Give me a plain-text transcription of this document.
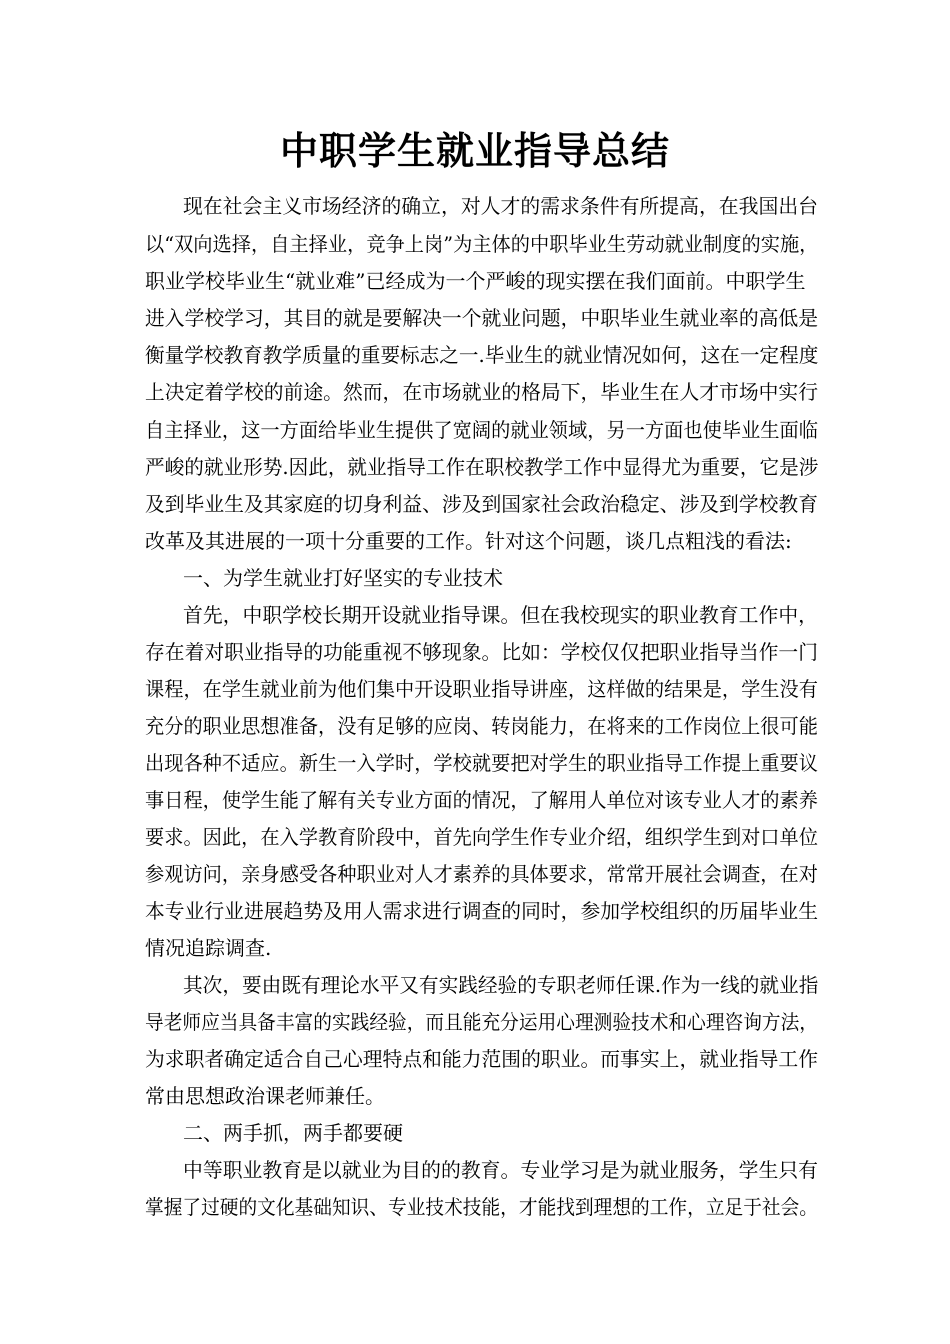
中职学生就业指导总结

现在社会主义市场经济的确立，对人才的需求条件有所提高，在我国出台

以“双向选择，自主择业，竞争上岗”为主体的中职毕业生劳动就业制度的实施，

职业学校毕业生“就业难”已经成为一个严峻的现实摆在我们面前。中职学生

进入学校学习，其目的就是要解决一个就业问题，中职毕业生就业率的高低是

衡量学校教育教学质量的重要标志之一.毕业生的就业情况如何，这在一定程度

上决定着学校的前途。然而，在市场就业的格局下，毕业生在人才市场中实行

自主择业，这一方面给毕业生提供了宽阔的就业领域，另一方面也使毕业生面临

严峻的就业形势.因此，就业指导工作在职校教学工作中显得尤为重要，它是涉

及到毕业生及其家庭的切身利益、涉及到国家社会政治稳定、涉及到学校教育

改革及其进展的一项十分重要的工作。针对这个问题，谈几点粗浅的看法:

一、为学生就业打好坚实的专业技术

首先，中职学校长期开设就业指导课。但在我校现实的职业教育工作中，

存在着对职业指导的功能重视不够现象。比如：学校仅仅把职业指导当作一门

课程，在学生就业前为他们集中开设职业指导讲座，这样做的结果是，学生没有

充分的职业思想准备，没有足够的应岗、转岗能力，在将来的工作岗位上很可能

出现各种不适应。新生一入学时，学校就要把对学生的职业指导工作提上重要议

事日程，使学生能了解有关专业方面的情况，了解用人单位对该专业人才的素养

要求。因此，在入学教育阶段中，首先向学生作专业介绍，组织学生到对口单位

参观访问，亲身感受各种职业对人才素养的具体要求，常常开展社会调查，在对

本专业行业进展趋势及用人需求进行调查的同时，参加学校组织的历届毕业生

情况追踪调查.

其次，要由既有理论水平又有实践经验的专职老师任课.作为一线的就业指

导老师应当具备丰富的实践经验，而且能充分运用心理测验技术和心理咨询方法，

为求职者确定适合自己心理特点和能力范围的职业。而事实上，就业指导工作

常由思想政治课老师兼任。

二、两手抓，两手都要硬

中等职业教育是以就业为目的的教育。专业学习是为就业服务，学生只有

掌握了过硬的文化基础知识、专业技术技能，才能找到理想的工作，立足于社会。
